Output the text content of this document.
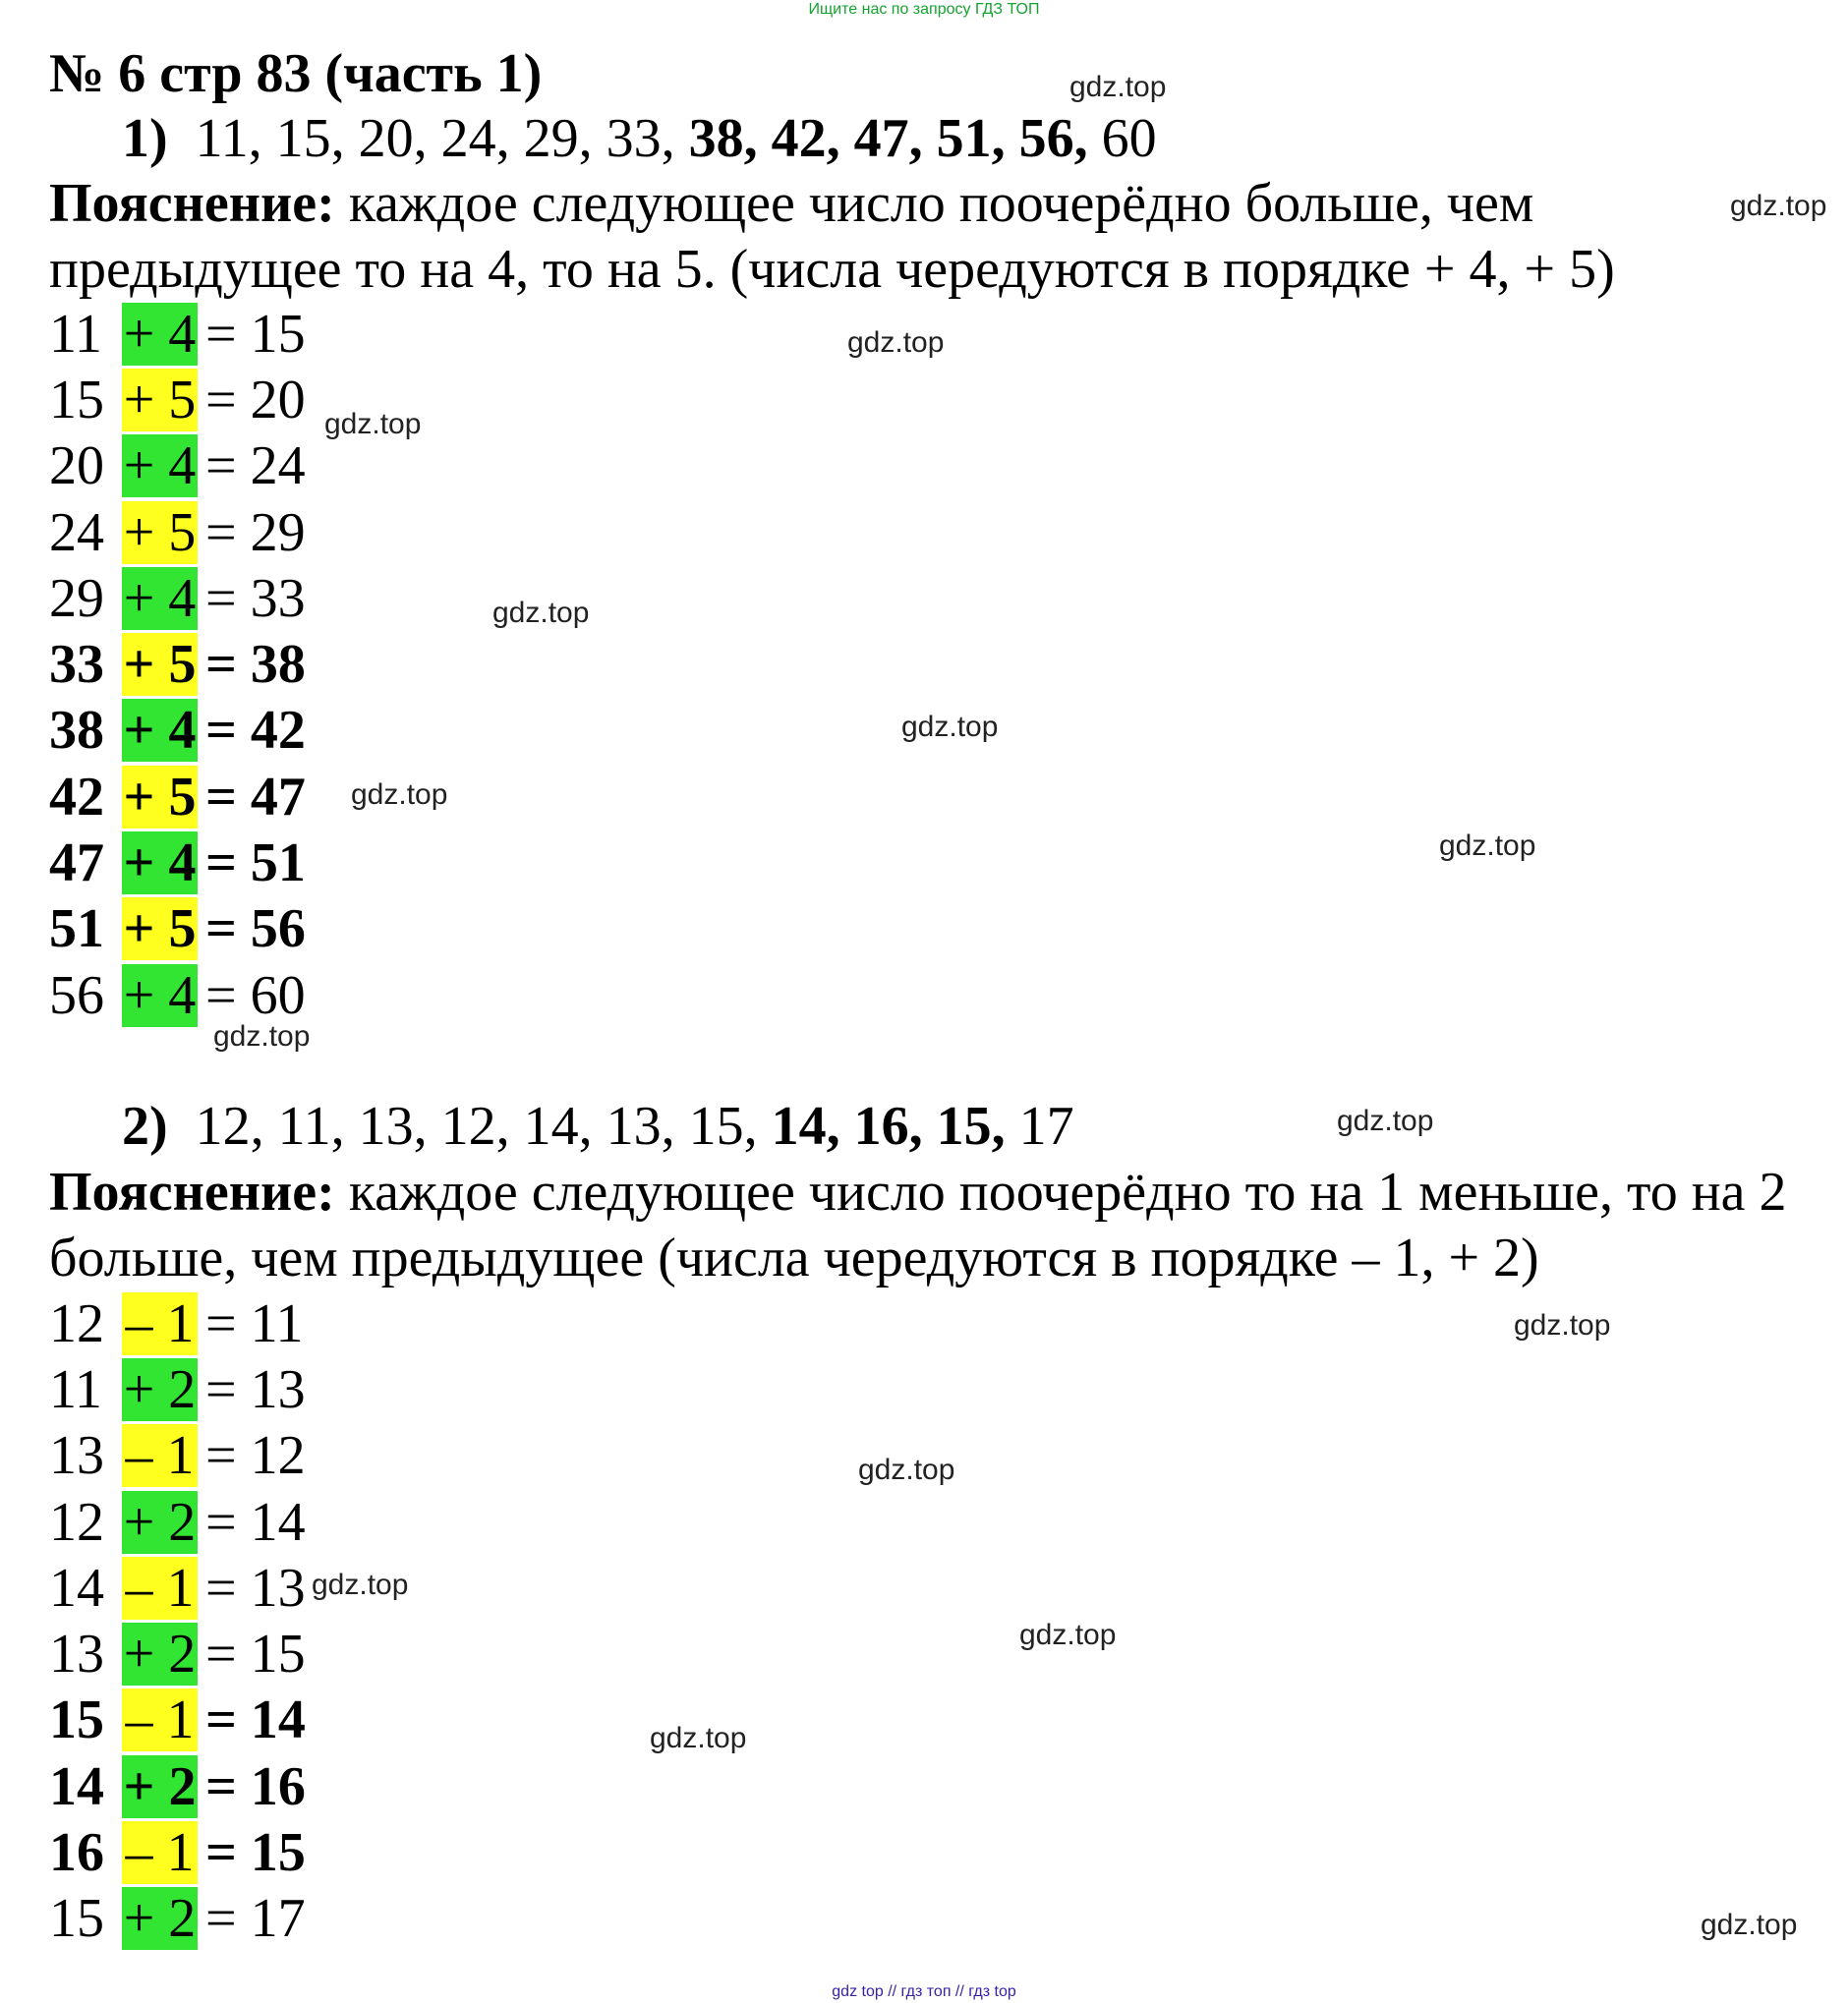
Ищите нас по запросу ГДЗ ТОП
№ 6 стр 83 (часть 1)
1) 11, 15, 20, 24, 29, 33, 38, 42, 47, 51, 56, 60
Пояснение: каждое следующее число поочерёдно больше, чем предыдущее то на 4, то на 5. (числа чередуются в порядке + 4, + 5)
11 + 4 = 15
15 + 5 = 20
20 + 4 = 24
24 + 5 = 29
29 + 4 = 33
33 + 5 = 38
38 + 4 = 42
42 + 5 = 47
47 + 4 = 51
51 + 5 = 56
56 + 4 = 60
2) 12, 11, 13, 12, 14, 13, 15, 14, 16, 15, 17
Пояснение: каждое следующее число поочерёдно то на 1 меньше, то на 2 больше, чем предыдущее (числа чередуются в порядке – 1, + 2)
12 – 1 = 11
11 + 2 = 13
13 – 1 = 12
12 + 2 = 14
14 – 1 = 13
13 + 2 = 15
15 – 1 = 14
14 + 2 = 16
16 – 1 = 15
15 + 2 = 17
gdz.top
gdz.top
gdz.top
gdz.top
gdz.top
gdz.top
gdz.top
gdz.top
gdz.top
gdz.top
gdz.top
gdz.top
gdz.top
gdz.top
gdz.top
gdz.top
gdz top // гдз топ // гдз top
